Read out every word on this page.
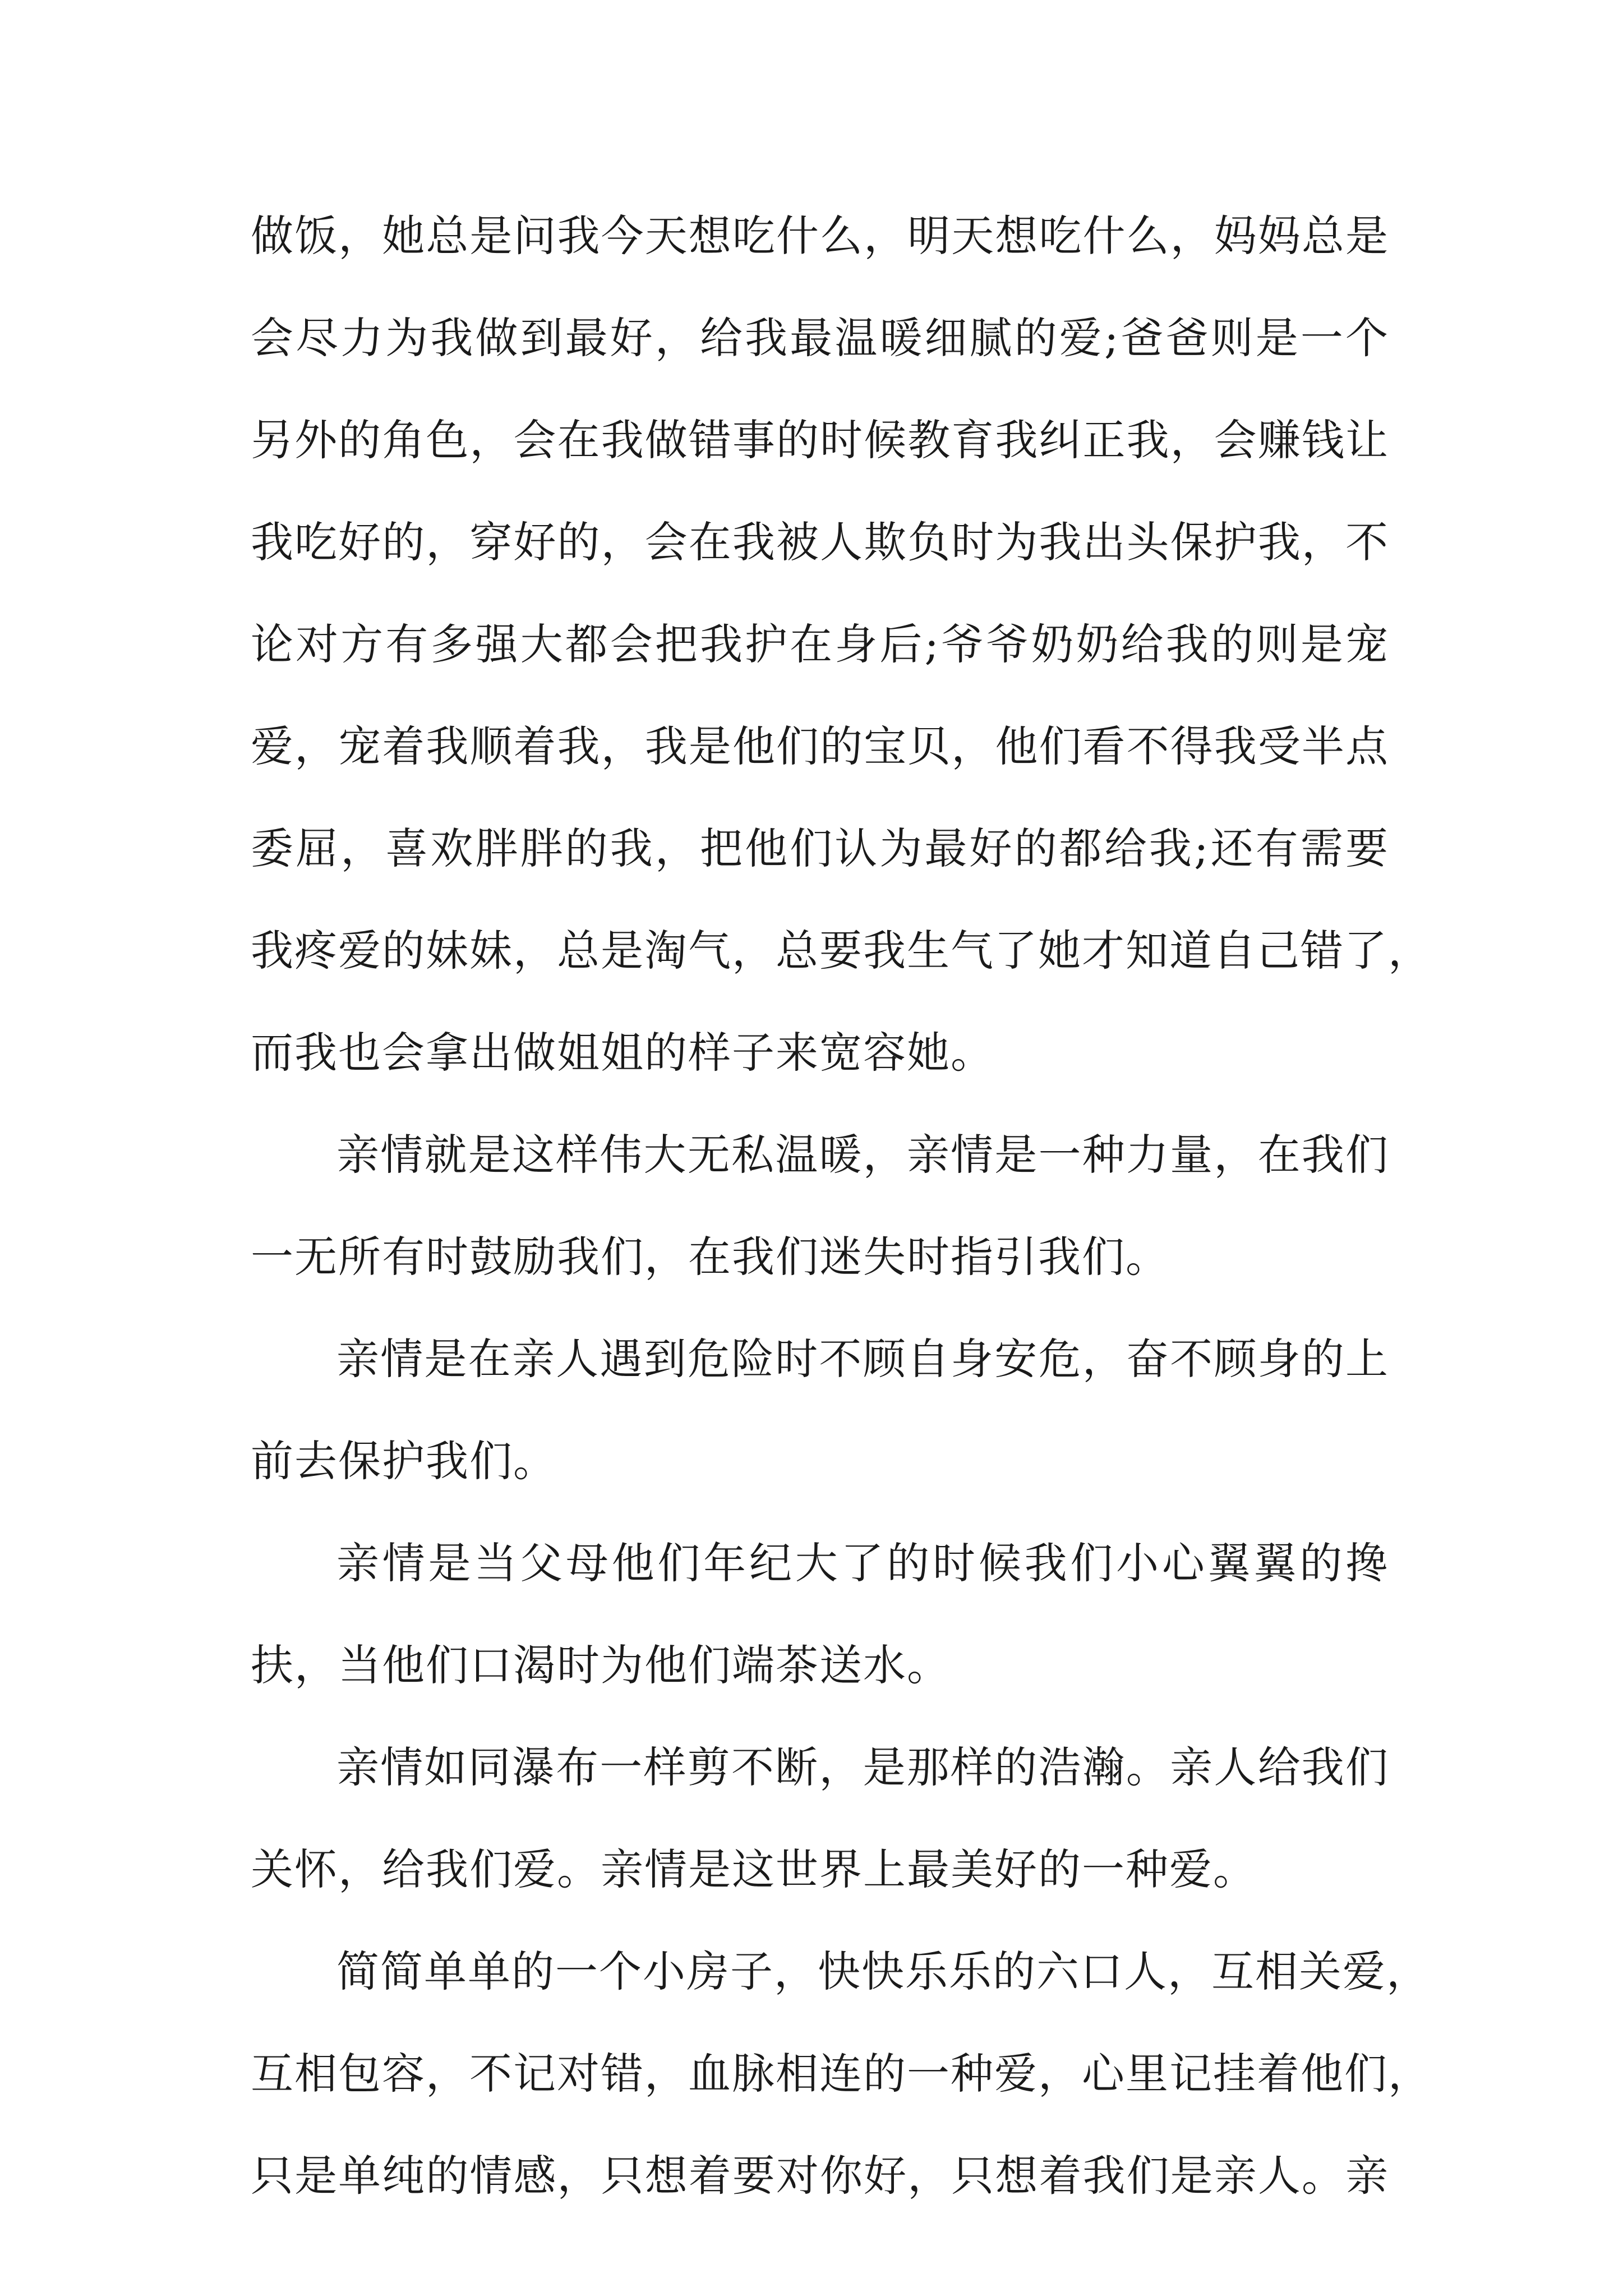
做饭，她总是问我今天想吃什么，明天想吃什么，妈妈总是
会尽力为我做到最好，给我最温暖细腻的爱;爸爸则是一个
另外的角色，会在我做错事的时候教育我纠正我，会赚钱让
我吃好的，穿好的，会在我被人欺负时为我出头保护我，不
论对方有多强大都会把我护在身后;爷爷奶奶给我的则是宠
爱，宠着我顺着我，我是他们的宝贝，他们看不得我受半点
委屈，喜欢胖胖的我，把他们认为最好的都给我;还有需要
我疼爱的妹妹，总是淘气，总要我生气了她才知道自己错了，
而我也会拿出做姐姐的样子来宽容她。
亲情就是这样伟大无私温暖，亲情是一种力量，在我们
一无所有时鼓励我们，在我们迷失时指引我们。
亲情是在亲人遇到危险时不顾自身安危，奋不顾身的上
前去保护我们。
亲情是当父母他们年纪大了的时候我们小心翼翼的搀
扶，当他们口渴时为他们端茶送水。
亲情如同瀑布一样剪不断，是那样的浩瀚。亲人给我们
关怀，给我们爱。亲情是这世界上最美好的一种爱。
简简单单的一个小房子，快快乐乐的六口人，互相关爱，
互相包容，不记对错，血脉相连的一种爱，心里记挂着他们，
只是单纯的情感，只想着要对你好，只想着我们是亲人。亲
